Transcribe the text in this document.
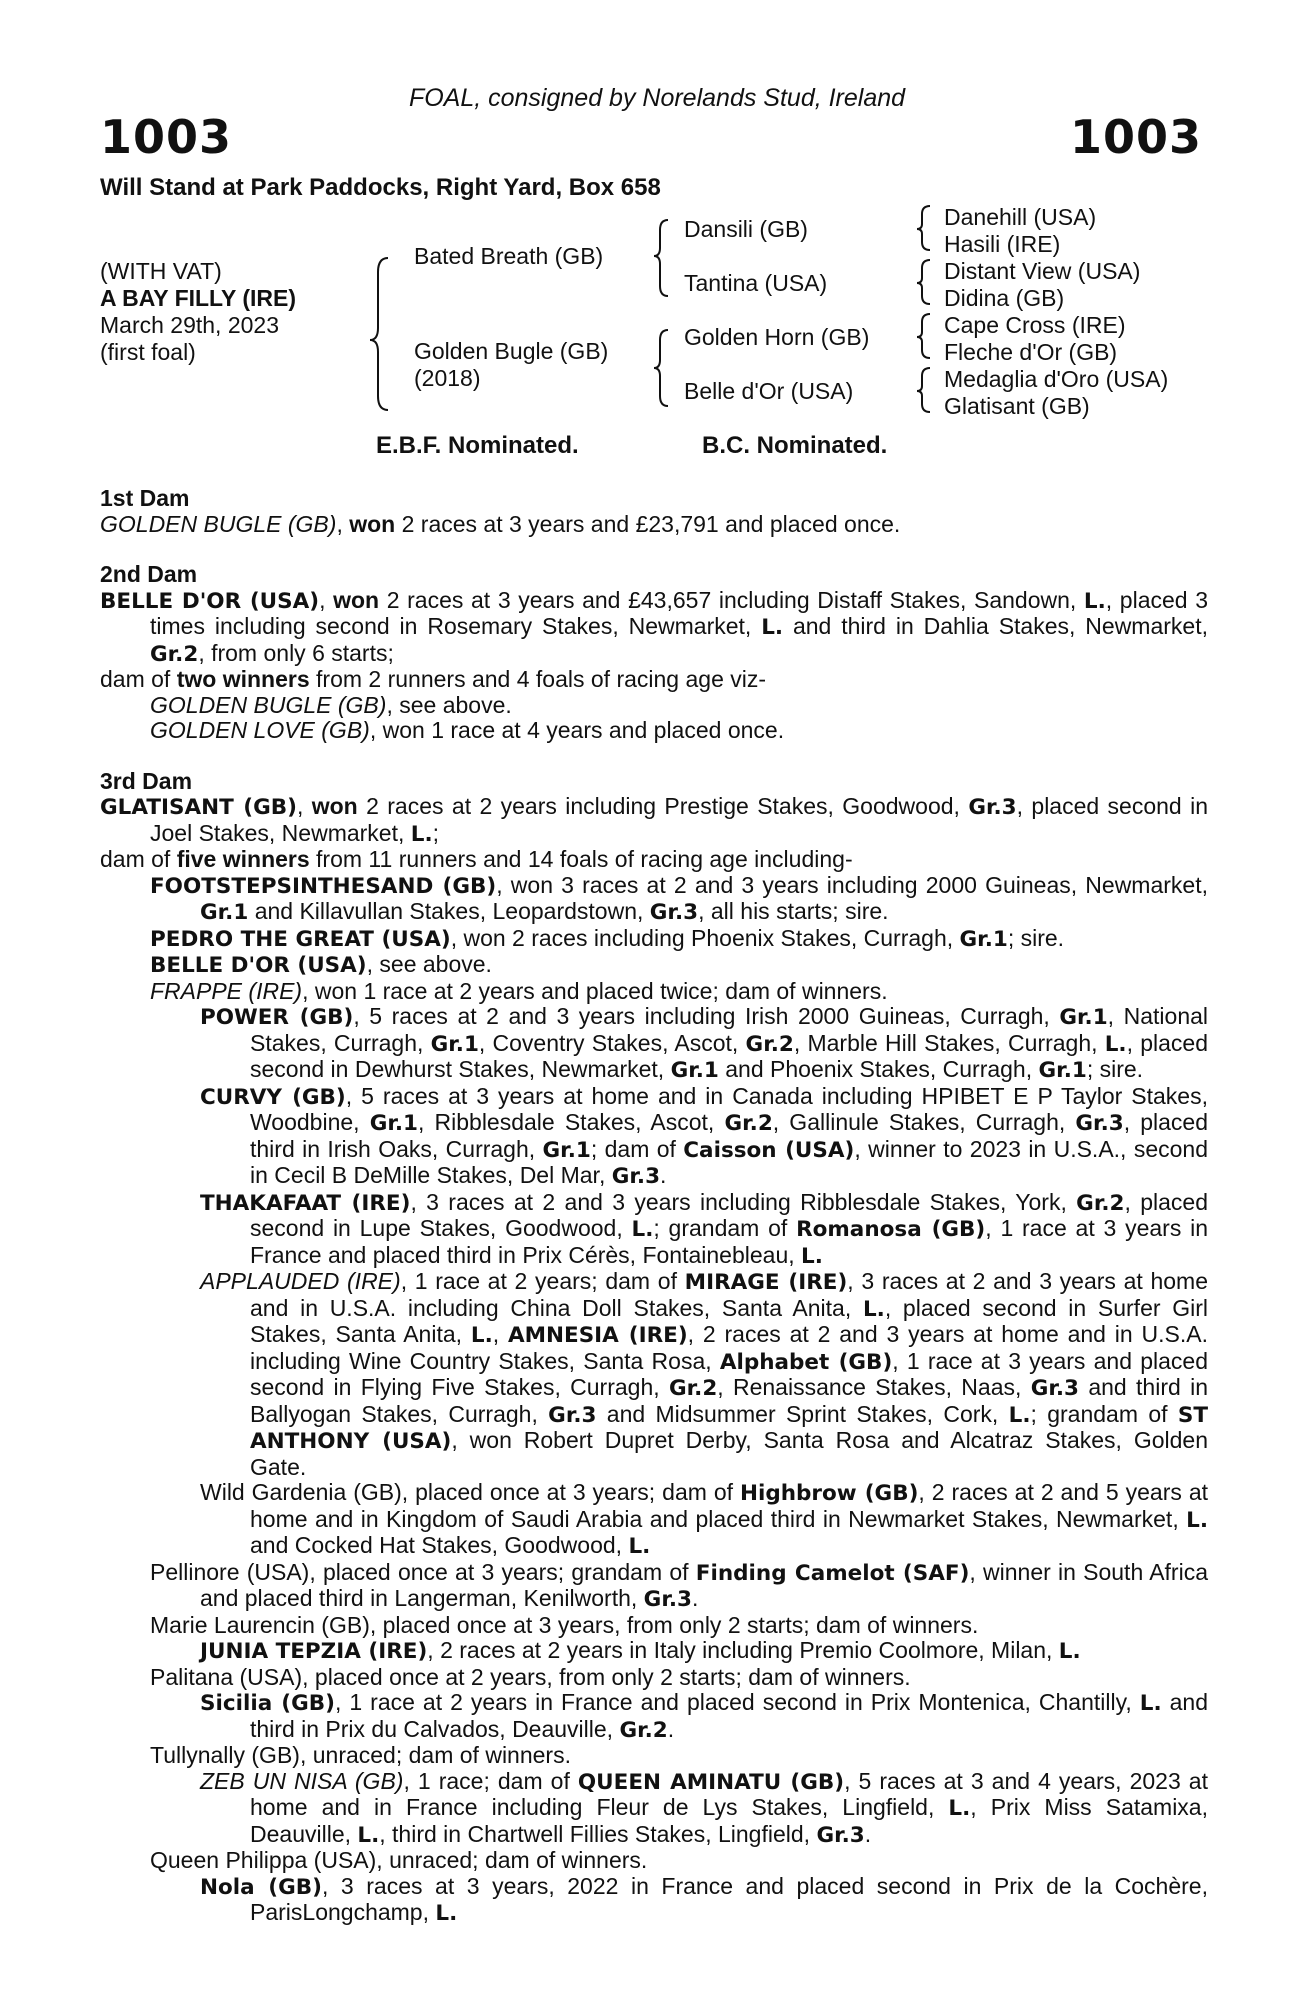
FOAL, consigned by Norelands Stud, Ireland
1003	1003
Will Stand at Park Paddocks, Right Yard, Box 658
(WITH VAT)
A BAY FILLY (IRE)
March 29th, 2023
(first foal)
Bated Breath (GB)
Golden Bugle (GB)
(2018)
Dansili (GB)
Tantina (USA)
Golden Horn (GB)
Belle d'Or (USA)
Danehill (USA)
Hasili (IRE)
Distant View (USA)
Didina (GB)
Cape Cross (IRE)
Fleche d'Or (GB)
Medaglia d'Oro (USA)
Glatisant (GB)
E.B.F. Nominated.	B.C. Nominated.
1st Dam

GOLDEN BUGLE (GB), won 2 races at 3 years and £23,791 and placed once.

2nd Dam

BELLE D'OR (USA), won 2 races at 3 years and £43,657 including Distaff Stakes, Sandown, L., placed 3 times including second in Rosemary Stakes, Newmarket, L. and third in Dahlia Stakes, Newmarket, Gr.2, from only 6 starts;

dam of two winners from 2 runners and 4 foals of racing age viz-

GOLDEN BUGLE (GB), see above.

GOLDEN LOVE (GB), won 1 race at 4 years and placed once.

3rd Dam

GLATISANT (GB), won 2 races at 2 years including Prestige Stakes, Goodwood, Gr.3, placed second in Joel Stakes, Newmarket, L.;

dam of five winners from 11 runners and 14 foals of racing age including-

FOOTSTEPSINTHESAND (GB), won 3 races at 2 and 3 years including 2000 Guineas, Newmarket, Gr.1 and Killavullan Stakes, Leopardstown, Gr.3, all his starts; sire.

PEDRO THE GREAT (USA), won 2 races including Phoenix Stakes, Curragh, Gr.1; sire.

BELLE D'OR (USA), see above.

FRAPPE (IRE), won 1 race at 2 years and placed twice; dam of winners.

POWER (GB), 5 races at 2 and 3 years including Irish 2000 Guineas, Curragh, Gr.1, National Stakes, Curragh, Gr.1, Coventry Stakes, Ascot, Gr.2, Marble Hill Stakes, Curragh, L., placed second in Dewhurst Stakes, Newmarket, Gr.1 and Phoenix Stakes, Curragh, Gr.1; sire.

CURVY (GB), 5 races at 3 years at home and in Canada including HPIBET E P Taylor Stakes, Woodbine, Gr.1, Ribblesdale Stakes, Ascot, Gr.2, Gallinule Stakes, Curragh, Gr.3, placed third in Irish Oaks, Curragh, Gr.1; dam of Caisson (USA), winner to 2023 in U.S.A., second in Cecil B DeMille Stakes, Del Mar, Gr.3.

THAKAFAAT (IRE), 3 races at 2 and 3 years including Ribblesdale Stakes, York, Gr.2, placed second in Lupe Stakes, Goodwood, L.; grandam of Romanosa (GB), 1 race at 3 years in France and placed third in Prix Cérès, Fontainebleau, L.

APPLAUDED (IRE), 1 race at 2 years; dam of MIRAGE (IRE), 3 races at 2 and 3 years at home and in U.S.A. including China Doll Stakes, Santa Anita, L., placed second in Surfer Girl Stakes, Santa Anita, L., AMNESIA (IRE), 2 races at 2 and 3 years at home and in U.S.A. including Wine Country Stakes, Santa Rosa, Alphabet (GB), 1 race at 3 years and placed second in Flying Five Stakes, Curragh, Gr.2, Renaissance Stakes, Naas, Gr.3 and third in Ballyogan Stakes, Curragh, Gr.3 and Midsummer Sprint Stakes, Cork, L.; grandam of ST ANTHONY (USA), won Robert Dupret Derby, Santa Rosa and Alcatraz Stakes, Golden Gate.

Wild Gardenia (GB), placed once at 3 years; dam of Highbrow (GB), 2 races at 2 and 5 years at home and in Kingdom of Saudi Arabia and placed third in Newmarket Stakes, Newmarket, L. and Cocked Hat Stakes, Goodwood, L.

Pellinore (USA), placed once at 3 years; grandam of Finding Camelot (SAF), winner in South Africa and placed third in Langerman, Kenilworth, Gr.3.

Marie Laurencin (GB), placed once at 3 years, from only 2 starts; dam of winners.

JUNIA TEPZIA (IRE), 2 races at 2 years in Italy including Premio Coolmore, Milan, L.

Palitana (USA), placed once at 2 years, from only 2 starts; dam of winners.

Sicilia (GB), 1 race at 2 years in France and placed second in Prix Montenica, Chantilly, L. and third in Prix du Calvados, Deauville, Gr.2.

Tullynally (GB), unraced; dam of winners.

ZEB UN NISA (GB), 1 race; dam of QUEEN AMINATU (GB), 5 races at 3 and 4 years, 2023 at home and in France including Fleur de Lys Stakes, Lingfield, L., Prix Miss Satamixa, Deauville, L., third in Chartwell Fillies Stakes, Lingfield, Gr.3.

Queen Philippa (USA), unraced; dam of winners.

Nola (GB), 3 races at 3 years, 2022 in France and placed second in Prix de la Cochère, ParisLongchamp, L.
